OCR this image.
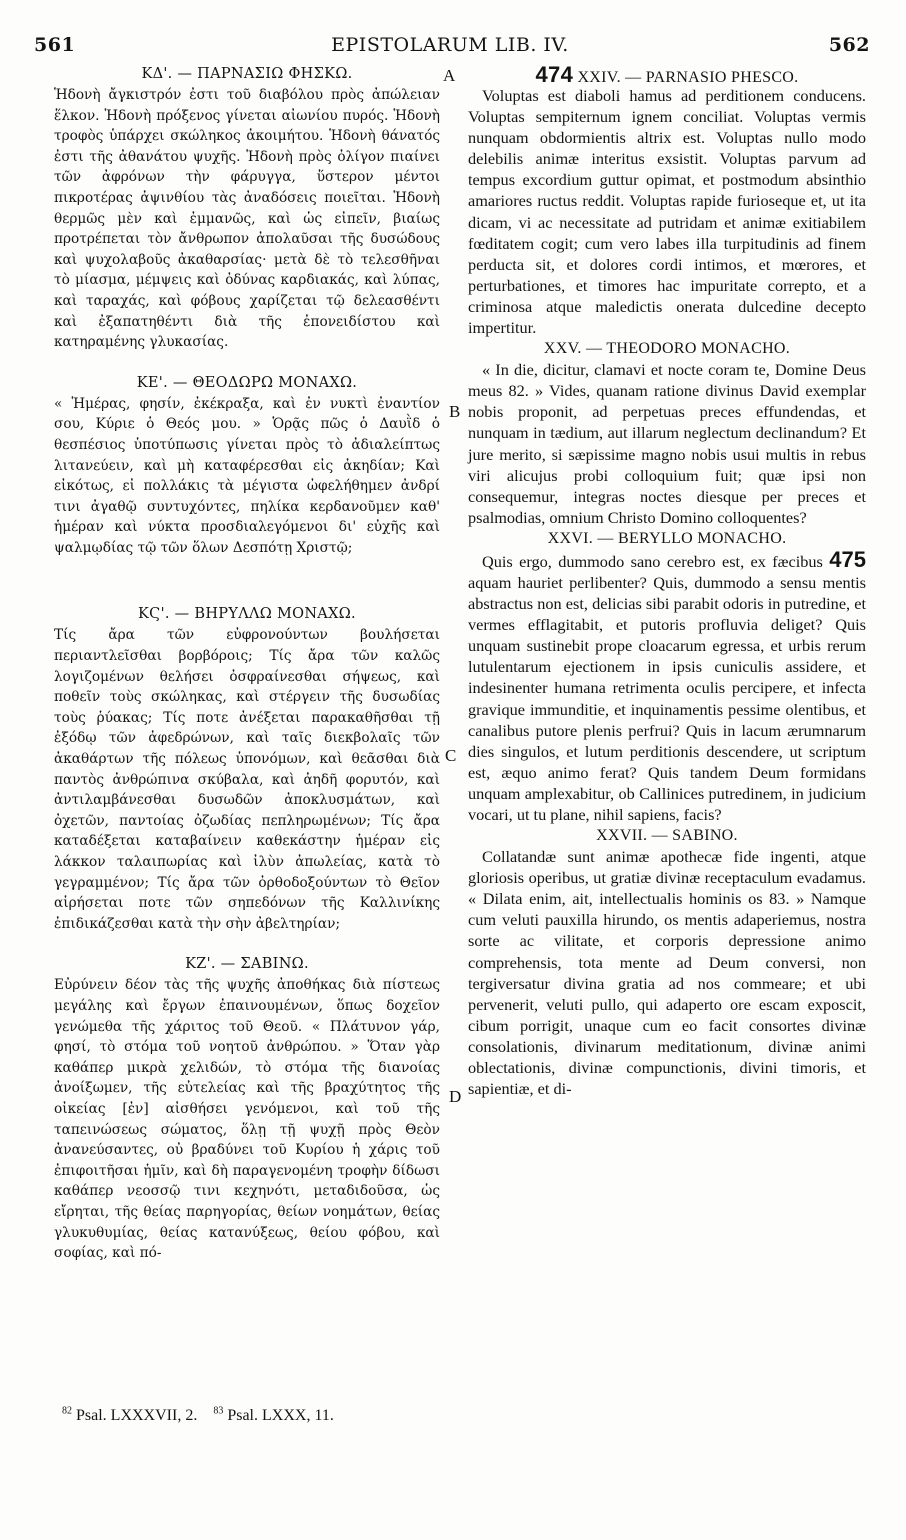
561	EPISTOLARUM LIB. IV.	562
ΚΔ'. — ΠΑΡΝΑΣΙΩ ΦΗΣΚΩ.

Ἡδονὴ ἄγκιστρόν ἐστι τοῦ διαβόλου πρὸς ἀπώλειαν ἕλκον. Ἡδονὴ πρόξενος γίνεται αἰωνίου πυρός. Ἡδονὴ τροφὸς ὑπάρχει σκώληκος ἀκοιμήτου. Ἡδονὴ θάνατός ἐστι τῆς ἀθανάτου ψυχῆς. Ἡδονὴ πρὸς ὀλίγον πιαίνει τῶν ἀφρόνων τὴν φάρυγγα, ὕστερον μέντοι πικροτέρας ἀψινθίου τὰς ἀναδόσεις ποιεῖται. Ἡδονὴ θερμῶς μὲν καὶ ἐμμανῶς, καὶ ὡς εἰπεῖν, βιαίως προτρέπεται τὸν ἄνθρωπον ἀπολαῦσαι τῆς δυσώδους καὶ ψυχολαβοῦς ἀκαθαρσίας· μετὰ δὲ τὸ τελεσθῆναι τὸ μίασμα, μέμψεις καὶ ὀδύνας καρδιακάς, καὶ λύπας, καὶ ταραχάς, καὶ φόβους χαρίζεται τῷ δελεασθέντι καὶ ἐξαπατηθέντι διὰ τῆς ἐπονειδίστου καὶ κατηραμένης γλυκασίας.

ΚΕ'. — ΘΕΟΔΩΡΩ ΜΟΝΑΧΩ.

« Ἡμέρας, φησίν, ἐκέκραξα, καὶ ἐν νυκτὶ ἐναντίον σου, Κύριε ὁ Θεός μου. » Ὁρᾷς πῶς ὁ Δαυῒδ ὁ θεσπέσιος ὑποτύπωσις γίνεται πρὸς τὸ ἀδιαλείπτως λιτανεύειν, καὶ μὴ καταφέρεσθαι εἰς ἀκηδίαν; Καὶ εἰκότως, εἰ πολλάκις τὰ μέγιστα ὠφελήθημεν ἀνδρί τινι ἀγαθῷ συντυχόντες, πηλίκα κερδανοῦμεν καθ' ἡμέραν καὶ νύκτα προσδιαλεγόμενοι δι' εὐχῆς καὶ ψαλμῳδίας τῷ τῶν ὅλων Δεσπότῃ Χριστῷ;

ΚϚ'. — ΒΗΡΥΛΛΩ ΜΟΝΑΧΩ.

Τίς ἄρα τῶν εὐφρονούντων βουλήσεται περιαντλεῖσθαι βορβόροις; Τίς ἄρα τῶν καλῶς λογιζομένων θελήσει ὀσφραίνεσθαι σήψεως, καὶ ποθεῖν τοὺς σκώληκας, καὶ στέργειν τῆς δυσωδίας τοὺς ῥύακας; Τίς ποτε ἀνέξεται παρακαθῆσθαι τῇ ἐξόδῳ τῶν ἀφεδρώνων, καὶ ταῖς διεκβολαῖς τῶν ἀκαθάρτων τῆς πόλεως ὑπονόμων, καὶ θεᾶσθαι διὰ παντὸς ἀνθρώπινα σκύβαλα, καὶ ἀηδῆ φορυτόν, καὶ ἀντιλαμβάνεσθαι δυσωδῶν ἀποκλυσμάτων, καὶ ὀχετῶν, παντοίας ὀζωδίας πεπληρωμένων; Τίς ἄρα καταδέξεται καταβαίνειν καθεκάστην ἡμέραν εἰς λάκκον ταλαιπωρίας καὶ ἰλὺν ἀπωλείας, κατὰ τὸ γεγραμμένον; Τίς ἄρα τῶν ὀρθοδοξούντων τὸ Θεῖον αἱρήσεται ποτε τῶν σηπεδόνων τῆς Καλλινίκης ἐπιδικάζεσθαι κατὰ τὴν σὴν ἀβελτηρίαν;

ΚΖ'. — ΣΑΒΙΝΩ.

Εὐρύνειν δέον τὰς τῆς ψυχῆς ἀποθήκας διὰ πίστεως μεγάλης καὶ ἔργων ἐπαινουμένων, ὅπως δοχεῖον γενώμεθα τῆς χάριτος τοῦ Θεοῦ. « Πλάτυνον γάρ, φησί, τὸ στόμα τοῦ νοητοῦ ἀνθρώπου. » Ὅταν γὰρ καθάπερ μικρὰ χελιδών, τὸ στόμα τῆς διανοίας ἀνοίξωμεν, τῆς εὐτελείας καὶ τῆς βραχύτητος τῆς οἰκείας [ἐν] αἰσθήσει γενόμενοι, καὶ τοῦ τῆς ταπεινώσεως σώματος, ὅλῃ τῇ ψυχῇ πρὸς Θεὸν ἀνανεύσαντες, οὐ βραδύνει τοῦ Κυρίου ἡ χάρις τοῦ ἐπιφοιτῆσαι ἡμῖν, καὶ δὴ παραγενομένη τροφὴν δίδωσι καθάπερ νεοσσῷ τινι κεχηνότι, μεταδιδοῦσα, ὡς εἴρηται, τῆς θείας παρηγορίας, θείων νοημάτων, θείας γλυκυθυμίας, θείας κατανύξεως, θείου φόβου, καὶ σοφίας, καὶ πό-

474 XXIV. — PARNASIO PHESCO.

Voluptas est diaboli hamus ad perditionem conducens. Voluptas sempiternum ignem conciliat. Voluptas vermis nunquam obdormientis altrix est. Voluptas nullo modo delebilis animæ interitus exsistit. Voluptas parvum ad tempus excordium guttur opimat, et postmodum absinthio amariores ructus reddit. Voluptas rapide furioseque et, ut ita dicam, vi ac necessitate ad putridam et animæ exitiabilem fœditatem cogit; cum vero labes illa turpitudinis ad finem perducta sit, et dolores cordi intimos, et mœrores, et perturbationes, et timores hac impuritate correpto, et a criminosa atque maledictis onerata dulcedine decepto impertitur.

XXV. — THEODORO MONACHO.

« In die, dicitur, clamavi et nocte coram te, Domine Deus meus 82. » Vides, quanam ratione divinus David exemplar nobis proponit, ad perpetuas preces effundendas, et nunquam in tædium, aut illarum neglectum declinandum? Et jure merito, si sæpissime magno nobis usui multis in rebus viri alicujus probi colloquium fuit; quæ ipsi non consequemur, integras noctes diesque per preces et psalmodias, omnium Christo Domino colloquentes?

XXVI. — BERYLLO MONACHO.

Quis ergo, dummodo sano cerebro est, ex fæcibus 475 aquam hauriet perlibenter? Quis, dummodo a sensu mentis abstractus non est, delicias sibi parabit odoris in putredine, et vermes efflagitabit, et putoris profluvia deliget? Quis unquam sustinebit prope cloacarum egressa, et urbis rerum lutulentarum ejectionem in ipsis cuniculis assidere, et indesinenter humana retrimenta oculis percipere, et infecta gravique immunditie, et inquinamentis pessime olentibus, et canalibus putore plenis perfrui? Quis in lacum ærumnarum dies singulos, et lutum perditionis descendere, ut scriptum est, æquo animo ferat? Quis tandem Deum formidans unquam amplexabitur, ob Callinices putredinem, in judicium vocari, ut tu plane, nihil sapiens, facis?

XXVII. — SABINO.

Collatandæ sunt animæ apothecæ fide ingenti, atque gloriosis operibus, ut gratiæ divinæ receptaculum evadamus. « Dilata enim, ait, intellectualis hominis os 83. » Namque cum veluti pauxilla hirundo, os mentis adaperiemus, nostra sorte ac vilitate, et corporis depressione animo comprehensis, tota mente ad Deum conversi, non tergiversatur divina gratia ad nos commeare; et ubi pervenerit, veluti pullo, qui adaperto ore escam exposcit, cibum porrigit, unaque cum eo facit consortes divinæ consolationis, divinarum meditationum, divinæ animi oblectationis, divinæ compunctionis, divini timoris, et sapientiæ, et di-

A
B
C
D
$^{82}$ Psal. LXXXVII, 2. $^{83}$ Psal. LXXX, 11.
